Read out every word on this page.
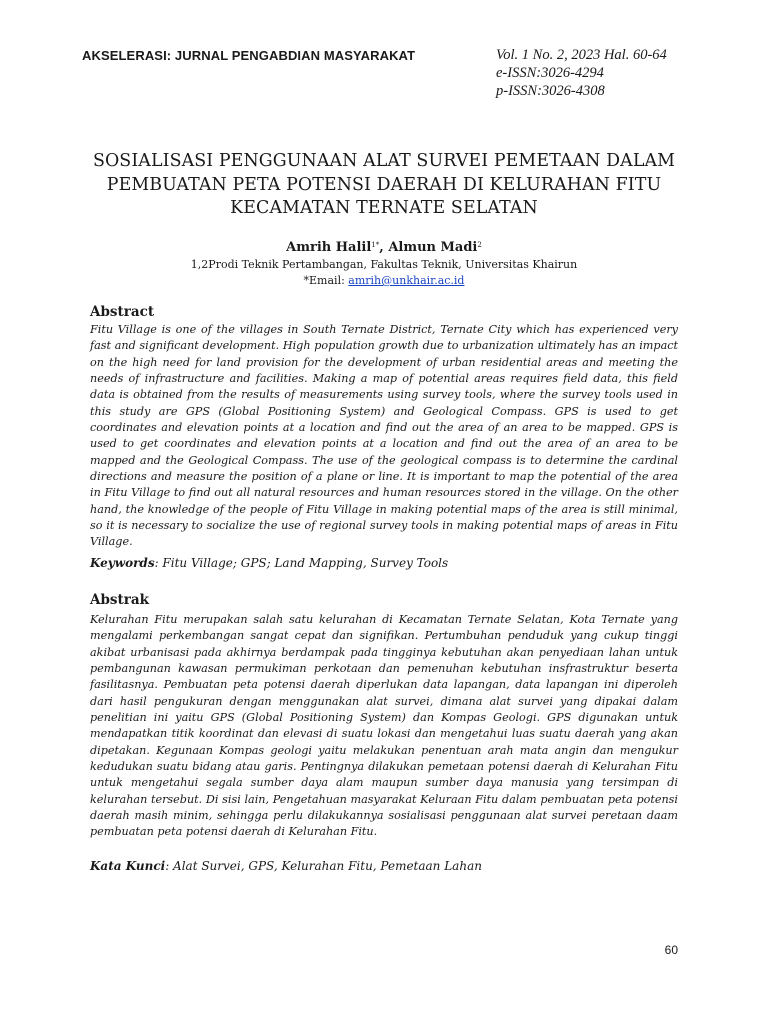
AKSELERASI: JURNAL PENGABDIAN MASYARAKAT	Vol. 1 No. 2, 2023 Hal. 60-64
e-ISSN:3026-4294
p-ISSN:3026-4308
SOSIALISASI PENGGUNAAN ALAT SURVEI PEMETAAN DALAM
PEMBUATAN PETA POTENSI DAERAH DI KELURAHAN FITU
KECAMATAN TERNATE SELATAN
Amrih Halil$^{1*}$, Almun Madi$^2$
1,2Prodi Teknik Pertambangan, Fakultas Teknik, Universitas Khairun
*Email: amrih@unkhair.ac.id
Abstract
Fitu Village is one of the villages in South Ternate District, Ternate City which has experienced very fast and significant development. High population growth due to urbanization ultimately has an impact on the high need for land provision for the development of urban residential areas and meeting the needs of infrastructure and facilities. Making a map of potential areas requires field data, this field data is obtained from the results of measurements using survey tools, where the survey tools used in this study are GPS (Global Positioning System) and Geological Compass. GPS is used to get coordinates and elevation points at a location and find out the area of an area to be mapped. GPS is used to get coordinates and elevation points at a location and find out the area of an area to be mapped and the Geological Compass. The use of the geological compass is to determine the cardinal directions and measure the position of a plane or line. It is important to map the potential of the area in Fitu Village to find out all natural resources and human resources stored in the village. On the other hand, the knowledge of the people of Fitu Village in making potential maps of the area is still minimal, so it is necessary to socialize the use of regional survey tools in making potential maps of areas in Fitu Village.
Keywords: Fitu Village; GPS; Land Mapping, Survey Tools
Abstrak
Kelurahan Fitu merupakan salah satu kelurahan di Kecamatan Ternate Selatan, Kota Ternate yang mengalami perkembangan sangat cepat dan signifikan. Pertumbuhan penduduk yang cukup tinggi akibat urbanisasi pada akhirnya berdampak pada tingginya kebutuhan akan penyediaan lahan untuk pembangunan kawasan permukiman perkotaan dan pemenuhan kebutuhan insfrastruktur beserta fasilitasnya. Pembuatan peta potensi daerah diperlukan data lapangan, data lapangan ini diperoleh dari hasil pengukuran dengan menggunakan alat survei, dimana alat survei yang dipakai dalam penelitian ini yaitu GPS (Global Positioning System) dan Kompas Geologi. GPS digunakan untuk mendapatkan titik koordinat dan elevasi di suatu lokasi dan mengetahui luas suatu daerah yang akan dipetakan. Kegunaan Kompas geologi yaitu melakukan penentuan arah mata angin dan mengukur kedudukan suatu bidang atau garis. Pentingnya dilakukan pemetaan potensi daerah di Kelurahan Fitu untuk mengetahui segala sumber daya alam maupun sumber daya manusia yang tersimpan di kelurahan tersebut. Di sisi lain, Pengetahuan masyarakat Keluraan Fitu dalam pembuatan peta potensi daerah masih minim, sehingga perlu dilakukannya sosialisasi penggunaan alat survei peretaan daam pembuatan peta potensi daerah di Kelurahan Fitu.
Kata Kunci: Alat Survei, GPS, Kelurahan Fitu, Pemetaan Lahan
60
